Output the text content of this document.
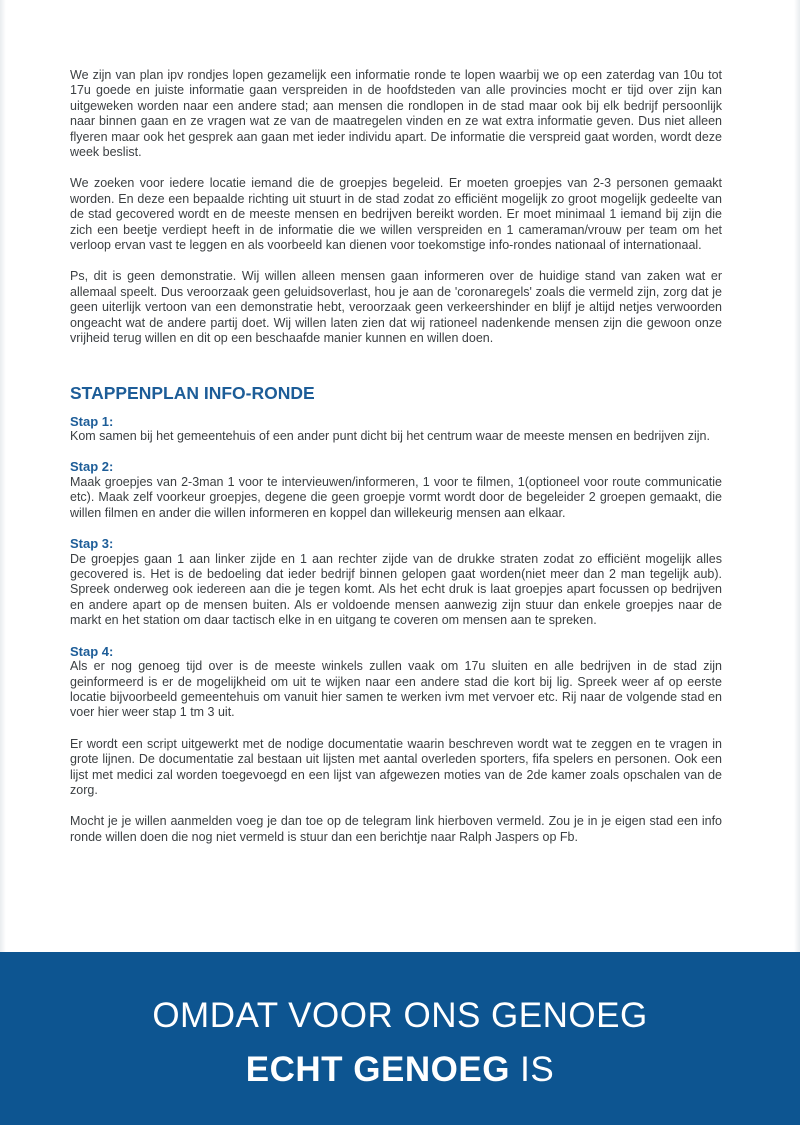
We zijn van plan ipv rondjes lopen gezamelijk een informatie ronde te lopen waarbij we op een zaterdag van 10u tot 17u goede en juiste informatie gaan verspreiden in de hoofdsteden van alle provincies mocht er tijd over zijn kan uitgeweken worden naar een andere stad; aan mensen die rondlopen in de stad maar ook bij elk bedrijf persoonlijk naar binnen gaan en ze vragen wat ze van de maatregelen vinden en ze wat extra informatie geven. Dus niet alleen flyeren maar ook het gesprek aan gaan met ieder individu apart. De informatie die verspreid gaat worden, wordt deze week beslist.

We zoeken voor iedere locatie iemand die de groepjes begeleid. Er moeten groepjes van 2-3 personen gemaakt worden. En deze een bepaalde richting uit stuurt in de stad zodat zo efficiënt mogelijk zo groot mogelijk gedeelte van de stad gecovered wordt en de meeste mensen en bedrijven bereikt worden. Er moet minimaal 1 iemand bij zijn die zich een beetje verdiept heeft in de informatie die we willen verspreiden en 1 cameraman/vrouw per team om het verloop ervan vast te leggen en als voorbeeld kan dienen voor toekomstige info-rondes nationaal of internationaal.

Ps, dit is geen demonstratie. Wij willen alleen mensen gaan informeren over de huidige stand van zaken wat er allemaal speelt. Dus veroorzaak geen geluidsoverlast, hou je aan de 'coronaregels' zoals die vermeld zijn, zorg dat je geen uiterlijk vertoon van een demonstratie hebt, veroorzaak geen verkeershinder en blijf je altijd netjes verwoorden ongeacht wat de andere partij doet. Wij willen laten zien dat wij rationeel nadenkende mensen zijn die gewoon onze vrijheid terug willen en dit op een beschaafde manier kunnen en willen doen.

STAPPENPLAN INFO-RONDE
Stap 1:

Kom samen bij het gemeentehuis of een ander punt dicht bij het centrum waar de meeste mensen en bedrijven zijn.

Stap 2:

Maak groepjes van 2-3man 1 voor te intervieuwen/informeren, 1 voor te filmen, 1(optioneel voor route communicatie etc). Maak zelf voorkeur groepjes, degene die geen groepje vormt wordt door de begeleider 2 groepen gemaakt, die willen filmen en ander die willen informeren en koppel dan willekeurig mensen aan elkaar.

Stap 3:

De groepjes gaan 1 aan linker zijde en 1 aan rechter zijde van de drukke straten zodat zo efficiënt mogelijk alles gecovered is. Het is de bedoeling dat ieder bedrijf binnen gelopen gaat worden(niet meer dan 2 man tegelijk aub). Spreek onderweg ook iedereen aan die je tegen komt. Als het echt druk is laat groepjes apart focussen op bedrijven en andere apart op de mensen buiten. Als er voldoende mensen aanwezig zijn stuur dan enkele groepjes naar de markt en het station om daar tactisch elke in en uitgang te coveren om mensen aan te spreken.

Stap 4:

Als er nog genoeg tijd over is de meeste winkels zullen vaak om 17u sluiten en alle bedrijven in de stad zijn geinformeerd is er de mogelijkheid om uit te wijken naar een andere stad die kort bij lig. Spreek weer af op eerste locatie bijvoorbeeld gemeentehuis om vanuit hier samen te werken ivm met vervoer etc. Rij naar de volgende stad en voer hier weer stap 1 tm 3 uit.

Er wordt een script uitgewerkt met de nodige documentatie waarin beschreven wordt wat te zeggen en te vragen in grote lijnen. De documentatie zal bestaan uit lijsten met aantal overleden sporters, fifa spelers en personen. Ook een lijst met medici zal worden toegevoegd en een lijst van afgewezen moties van de 2de kamer zoals opschalen van de zorg.

Mocht je je willen aanmelden voeg je dan toe op de telegram link hierboven vermeld. Zou je in je eigen stad een info ronde willen doen die nog niet vermeld is stuur dan een berichtje naar Ralph Jaspers op Fb.

OMDAT VOOR ONS GENOEG
ECHT GENOEG IS
